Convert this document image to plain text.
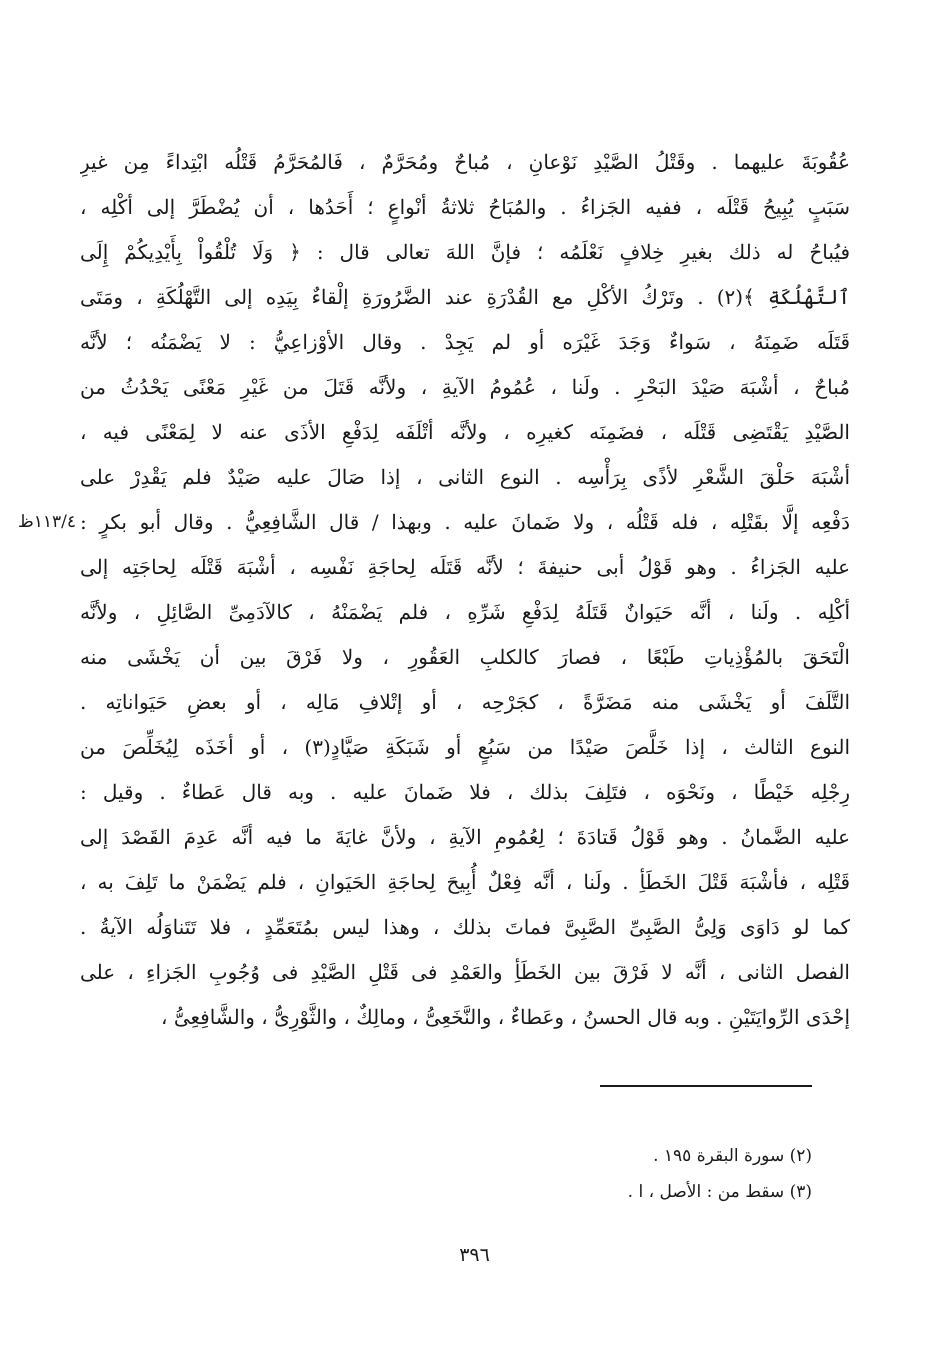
عُقُوبَةَ عليهما . وقَتْلُ الصَّيْدِ نَوْعانِ ، مُباحٌ ومُحَرَّمٌ ، فَالمُحَرَّمُ قَتْلُه ابْتِداءً مِن غيرِ
سَبَبٍ يُبِيحُ قَتْلَه ، ففيه الجَزاءُ . والمُبَاحُ ثلاثةُ أنْواعٍ ؛ أَحَدُها ، أن يُضْطَرَّ إلى أكْلِه ،
فيُباحُ له ذلك بغيرِ خِلافٍ نَعْلَمُه ؛ فإنَّ اللهَ تعالى قال : ﴿ وَلَا تُلْقُواْ بِأَيْدِيكُمْ إِلَى
ٱلتَّهْلُكَةِ ﴾(٢) . وتَرْكُ الأكْلِ مع القُدْرَةِ عند الضَّرُورَةِ إلْقاءٌ بِيَدِه إلى التَّهْلُكَةِ ، ومَتَى
قَتَلَه ضَمِنَهُ ، سَواءٌ وَجَدَ غَيْرَه أو لم يَجِدْ . وقال الأوْزاعِيُّ : لا يَضْمَنُه ؛ لأنَّه
مُباحٌ ، أشْبَهَ صَيْدَ البَحْرِ . ولَنا ، عُمُومُ الآيةِ ، ولأنَّه قَتَلَ من غَيْرِ مَعْنًى يَحْدُثُ من
الصَّيْدِ يَقْتَضِى قَتْلَه ، فضَمِنَه كغيرِه ، ولأنَّه أتْلَفَه لِدَفْعِ الأذَى عنه لا لِمَعْنًى فيه ،
أشْبَهَ حَلْقَ الشَّعْرِ لأذًى بِرَأْسِه . النوع الثانى ، إذا صَالَ عليه صَيْدٌ فلم يَقْدِرْ على
دَفْعِه إلَّا بقَتْلِه ، فله قَتْلُه ، ولا ضَمانَ عليه . وبهذا / قال الشَّافِعِيُّ . وقال أبو بكرٍ :
عليه الجَزاءُ . وهو قَوْلُ أبى حنيفةَ ؛ لأنَّه قَتَلَه لِحاجَةِ نَفْسِه ، أشْبَهَ قَتْلَه لِحاجَتِه إلى
أكْلِه . ولَنا ، أنَّه حَيَوانٌ قَتَلَهُ لِدَفْعِ شَرِّهِ ، فلم يَضْمَنْهُ ، كالآدَمِىِّ الصَّائِلِ ، ولأنَّه
الْتَحَقَ بالمُؤْذِياتِ طَبْعًا ، فصارَ كالكلبِ العَقُورِ ، ولا فَرْقَ بين أن يَخْشَى منه
التَّلَفَ أو يَخْشَى منه مَضَرَّةً ، كجَرْحِه ، أو إتْلافِ مَالِه ، أو بعضِ حَيَواناتِه .
النوع الثالث ، إذا خَلَّصَ صَيْدًا من سَبُعٍ أو شَبَكَةِ صَيَّادٍ(٣) ، أو أخَذَه لِيُخَلِّصَ من
رِجْلِه خَيْطًا ، ونَحْوَه ، فتَلِفَ بذلك ، فلا ضَمانَ عليه . وبه قال عَطاءٌ . وقيل :
عليه الضَّمانُ . وهو قَوْلُ قَتادَةَ ؛ لِعُمُومِ الآيةِ ، ولأنَّ غايَةَ ما فيه أنَّه عَدِمَ القَصْدَ إلى
قَتْلِه ، فأشْبَهَ قَتْلَ الخَطَأِ . ولَنا ، أنَّه فِعْلٌ أُبِيحَ لِحاجَةِ الحَيَوانِ ، فلم يَضْمَنْ ما تَلِفَ به ،
كما لو دَاوَى وَلِىُّ الصَّبِىِّ الصَّبِىَّ فماتَ بذلك ، وهذا ليس بمُتَعَمِّدٍ ، فلا تَتَناوَلُه الآيةُ .
الفصل الثانى ، أنَّه لا فَرْقَ بين الخَطَأِ والعَمْدِ فى قَتْلِ الصَّيْدِ فى وُجُوبِ الجَزاءِ ، على
إحْدَى الرِّوايَتَيْنِ . وبه قال الحسنُ ، وعَطاءٌ ، والنَّخَعِىُّ ، ومالِكٌ ، والثَّوْرِىُّ ، والشَّافِعِىُّ ،
١١٣/٤ظ
(٢) سورة البقرة ١٩٥ .
(٣) سقط من : الأصل ، ا .
٣٩٦
